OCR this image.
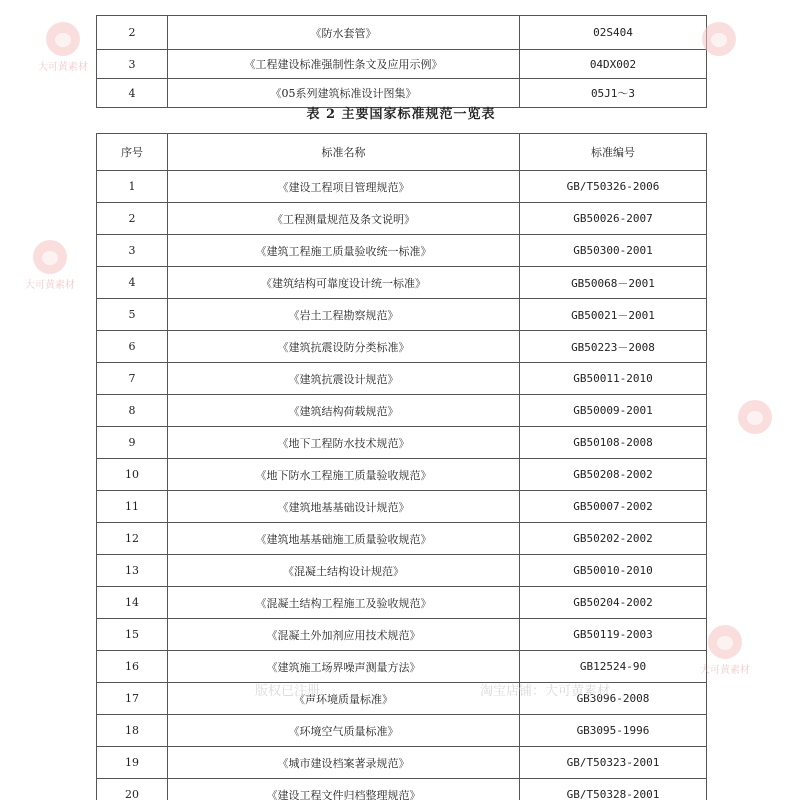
2	《防水套管》	02S404
3	《工程建设标准强制性条文及应用示例》	04DX002
4	《05系列建筑标准设计图集》	05J1～3
表 2 主要国家标准规范一览表
序号	标准名称	标准编号
1	《建设工程项目管理规范》	GB/T50326-2006
2	《工程测量规范及条文说明》	GB50026-2007
3	《建筑工程施工质量验收统一标准》	GB50300-2001
4	《建筑结构可靠度设计统一标准》	GB50068－2001
5	《岩土工程勘察规范》	GB50021－2001
6	《建筑抗震设防分类标准》	GB50223－2008
7	《建筑抗震设计规范》	GB50011-2010
8	《建筑结构荷载规范》	GB50009-2001
9	《地下工程防水技术规范》	GB50108-2008
10	《地下防水工程施工质量验收规范》	GB50208-2002
11	《建筑地基基础设计规范》	GB50007-2002
12	《建筑地基基础施工质量验收规范》	GB50202-2002
13	《混凝土结构设计规范》	GB50010-2010
14	《混凝土结构工程施工及验收规范》	GB50204-2002
15	《混凝土外加剂应用技术规范》	GB50119-2003
16	《建筑施工场界噪声测量方法》	GB12524-90
17	《声环境质量标准》	GB3096-2008
18	《环境空气质量标准》	GB3095-1996
19	《城市建设档案著录规范》	GB/T50323-2001
20	《建设工程文件归档整理规范》	GB/T50328-2001
大可黄素材
大可黄素材
大可黄素材
版权已注册	淘宝店铺：大可黄素材
